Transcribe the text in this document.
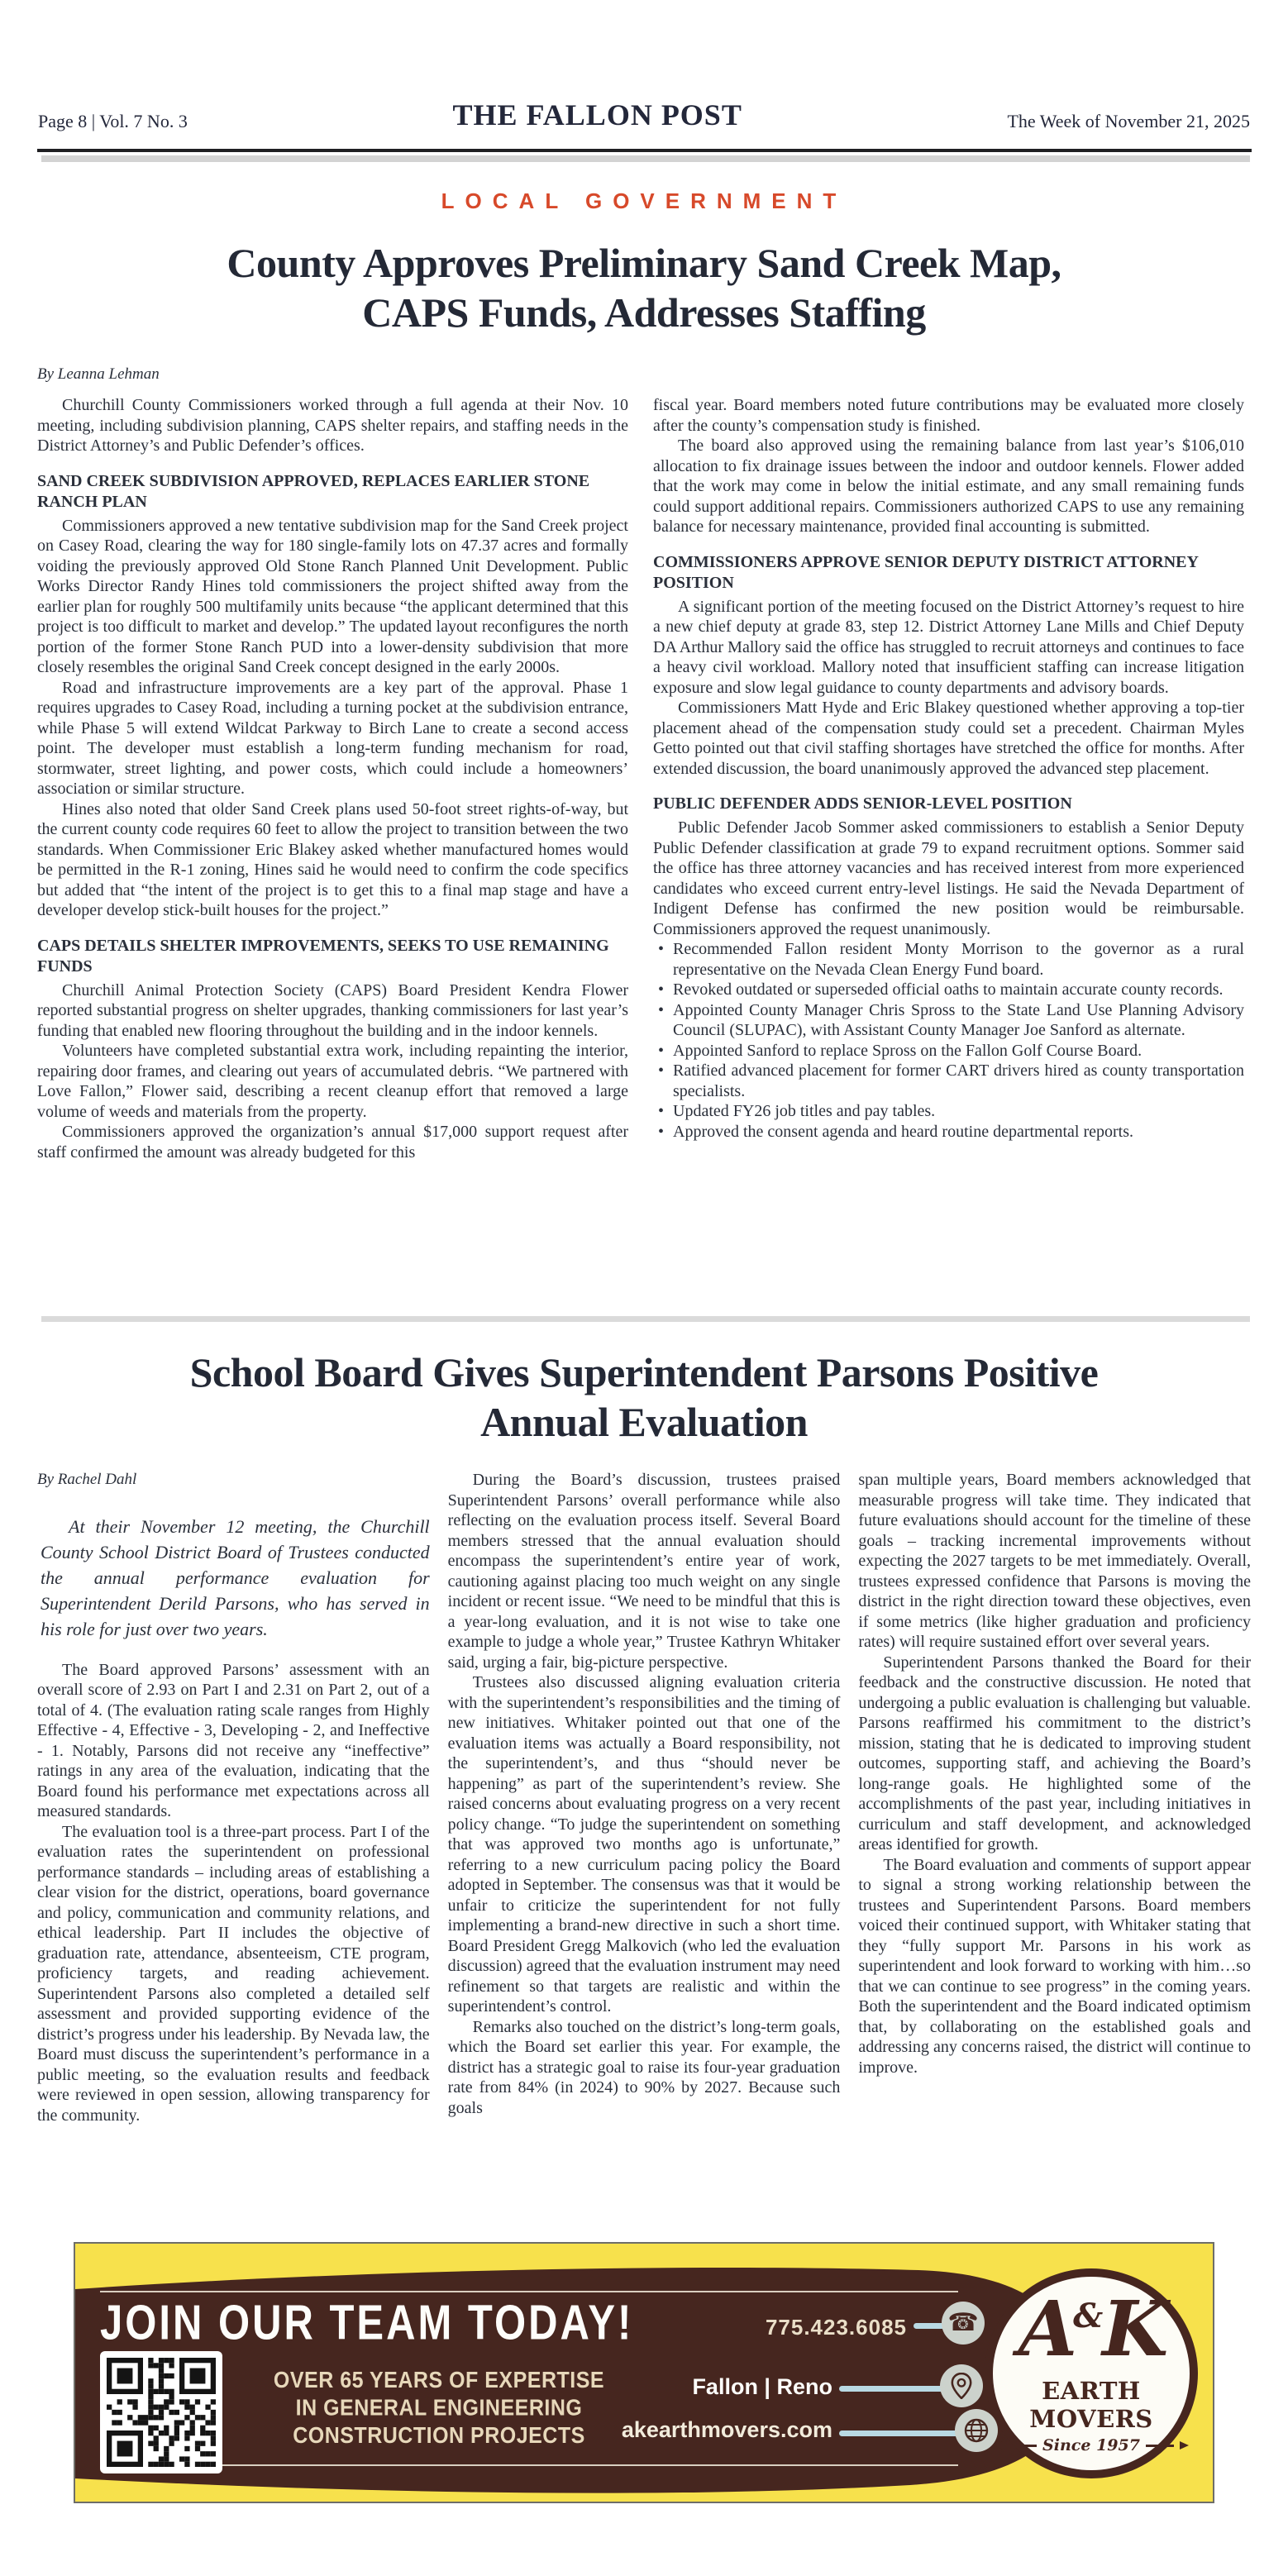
Page 8 | Vol. 7 No. 3	THE FALLON POST	The Week of November 21, 2025
LOCAL GOVERNMENT
County Approves Preliminary Sand Creek Map, CAPS Funds, Addresses Staffing
By Leanna Lehman

Churchill County Commissioners worked through a full agenda at their Nov. 10 meeting, including subdivision planning, CAPS shelter repairs, and staffing needs in the District Attorney’s and Public Defender’s offices.

SAND CREEK SUBDIVISION APPROVED, REPLACES EARLIER STONE RANCH PLAN

Commissioners approved a new tentative subdivision map for the Sand Creek project on Casey Road, clearing the way for 180 single-family lots on 47.37 acres and formally voiding the previously approved Old Stone Ranch Planned Unit Development. Public Works Director Randy Hines told commissioners the project shifted away from the earlier plan for roughly 500 multifamily units because “the applicant determined that this project is too difficult to market and develop.” The updated layout reconfigures the north portion of the former Stone Ranch PUD into a lower-density subdivision that more closely resembles the original Sand Creek concept designed in the early 2000s.

Road and infrastructure improvements are a key part of the approval. Phase 1 requires upgrades to Casey Road, including a turning pocket at the subdivision entrance, while Phase 5 will extend Wildcat Parkway to Birch Lane to create a second access point. The developer must establish a long-term funding mechanism for road, stormwater, street lighting, and power costs, which could include a homeowners’ association or similar structure.

Hines also noted that older Sand Creek plans used 50-foot street rights-of-way, but the current county code requires 60 feet to allow the project to transition between the two standards. When Commissioner Eric Blakey asked whether manufactured homes would be permitted in the R-1 zoning, Hines said he would need to confirm the code specifics but added that “the intent of the project is to get this to a final map stage and have a developer develop stick-built houses for the project.”

CAPS DETAILS SHELTER IMPROVEMENTS, SEEKS TO USE REMAINING FUNDS

Churchill Animal Protection Society (CAPS) Board President Kendra Flower reported substantial progress on shelter upgrades, thanking commissioners for last year’s funding that enabled new flooring throughout the building and in the indoor kennels.

Volunteers have completed substantial extra work, including repainting the interior, repairing door frames, and clearing out years of accumulated debris. “We partnered with Love Fallon,” Flower said, describing a recent cleanup effort that removed a large volume of weeds and materials from the property.

Commissioners approved the organization’s annual $17,000 support request after staff confirmed the amount was already budgeted for this

fiscal year. Board members noted future contributions may be evaluated more closely after the county’s compensation study is finished.

The board also approved using the remaining balance from last year’s $106,010 allocation to fix drainage issues between the indoor and outdoor kennels. Flower added that the work may come in below the initial estimate, and any small remaining funds could support additional repairs. Commissioners authorized CAPS to use any remaining balance for necessary maintenance, provided final accounting is submitted.

COMMISSIONERS APPROVE SENIOR DEPUTY DISTRICT ATTORNEY POSITION

A significant portion of the meeting focused on the District Attorney’s request to hire a new chief deputy at grade 83, step 12. District Attorney Lane Mills and Chief Deputy DA Arthur Mallory said the office has struggled to recruit attorneys and continues to face a heavy civil workload. Mallory noted that insufficient staffing can increase litigation exposure and slow legal guidance to county departments and advisory boards.

Commissioners Matt Hyde and Eric Blakey questioned whether approving a top-tier placement ahead of the compensation study could set a precedent. Chairman Myles Getto pointed out that civil staffing shortages have stretched the office for months. After extended discussion, the board unanimously approved the advanced step placement.

PUBLIC DEFENDER ADDS SENIOR-LEVEL POSITION

Public Defender Jacob Sommer asked commissioners to establish a Senior Deputy Public Defender classification at grade 79 to expand recruitment options. Sommer said the office has three attorney vacancies and has received interest from more experienced candidates who exceed current entry-level listings. He said the Nevada Department of Indigent Defense has confirmed the new position would be reimbursable. Commissioners approved the request unanimously.

• Recommended Fallon resident Monty Morrison to the governor as a rural representative on the Nevada Clean Energy Fund board.

• Revoked outdated or superseded official oaths to maintain accurate county records.

• Appointed County Manager Chris Spross to the State Land Use Planning Advisory Council (SLUPAC), with Assistant County Manager Joe Sanford as alternate.

• Appointed Sanford to replace Spross on the Fallon Golf Course Board.

• Ratified advanced placement for former CART drivers hired as county transportation specialists.

• Updated FY26 job titles and pay tables.

• Approved the consent agenda and heard routine departmental reports.

School Board Gives Superintendent Parsons Positive Annual Evaluation
By Rachel Dahl

At their November 12 meeting, the Churchill County School District Board of Trustees conducted the annual performance evaluation for Superintendent Derild Parsons, who has served in his role for just over two years.

The Board approved Parsons’ assessment with an overall score of 2.93 on Part I and 2.31 on Part 2, out of a total of 4. (The evaluation rating scale ranges from Highly Effective - 4, Effective - 3, Developing - 2, and Ineffective - 1. Notably, Parsons did not receive any “ineffective” ratings in any area of the evaluation, indicating that the Board found his performance met expectations across all measured standards.

The evaluation tool is a three-part process. Part I of the evaluation rates the superintendent on professional performance standards – including areas of establishing a clear vision for the district, operations, board governance and policy, communication and community relations, and ethical leadership. Part II includes the objective of graduation rate, attendance, absenteeism, CTE program, proficiency targets, and reading achievement. Superintendent Parsons also completed a detailed self assessment and provided supporting evidence of the district’s progress under his leadership. By Nevada law, the Board must discuss the superintendent’s performance in a public meeting, so the evaluation results and feedback were reviewed in open session, allowing transparency for the community.

During the Board’s discussion, trustees praised Superintendent Parsons’ overall performance while also reflecting on the evaluation process itself. Several Board members stressed that the annual evaluation should encompass the superintendent’s entire year of work, cautioning against placing too much weight on any single incident or recent issue. “We need to be mindful that this is a year-long evaluation, and it is not wise to take one example to judge a whole year,” Trustee Kathryn Whitaker said, urging a fair, big-picture perspective.

Trustees also discussed aligning evaluation criteria with the superintendent’s responsibilities and the timing of new initiatives. Whitaker pointed out that one of the evaluation items was actually a Board responsibility, not the superintendent’s, and thus “should never be happening” as part of the superintendent’s review. She raised concerns about evaluating progress on a very recent policy change. “To judge the superintendent on something that was approved two months ago is unfortunate,” referring to a new curriculum pacing policy the Board adopted in September. The consensus was that it would be unfair to criticize the superintendent for not fully implementing a brand-new directive in such a short time. Board President Gregg Malkovich (who led the evaluation discussion) agreed that the evaluation instrument may need refinement so that targets are realistic and within the superintendent’s control.

Remarks also touched on the district’s long-term goals, which the Board set earlier this year. For example, the district has a strategic goal to raise its four-year graduation rate from 84% (in 2024) to 90% by 2027. Because such goals

span multiple years, Board members acknowledged that measurable progress will take time. They indicated that future evaluations should account for the timeline of these goals – tracking incremental improvements without expecting the 2027 targets to be met immediately. Overall, trustees expressed confidence that Parsons is moving the district in the right direction toward these objectives, even if some metrics (like higher graduation and proficiency rates) will require sustained effort over several years.

Superintendent Parsons thanked the Board for their feedback and the constructive discussion. He noted that undergoing a public evaluation is challenging but valuable. Parsons reaffirmed his commitment to the district’s mission, stating that he is dedicated to improving student outcomes, supporting staff, and achieving the Board’s long-range goals. He highlighted some of the accomplishments of the past year, including initiatives in curriculum and staff development, and acknowledged areas identified for growth.

The Board evaluation and comments of support appear to signal a strong working relationship between the trustees and Superintendent Parsons. Board members voiced their continued support, with Whitaker stating that they “fully support Mr. Parsons in his work as superintendent and look forward to working with him…so that we can continue to see progress” in the coming years. Both the superintendent and the Board indicated optimism that, by collaborating on the established goals and addressing any concerns raised, the district will continue to improve.

JOIN OUR TEAM TODAY!	775.423.6085 ☎
OVER 65 YEARS OF EXPERTISE
IN GENERAL ENGINEERING
CONSTRUCTION PROJECTS
Fallon | Reno
akearthmovers.com
A&K
EARTH MOVERS
Since 1957
